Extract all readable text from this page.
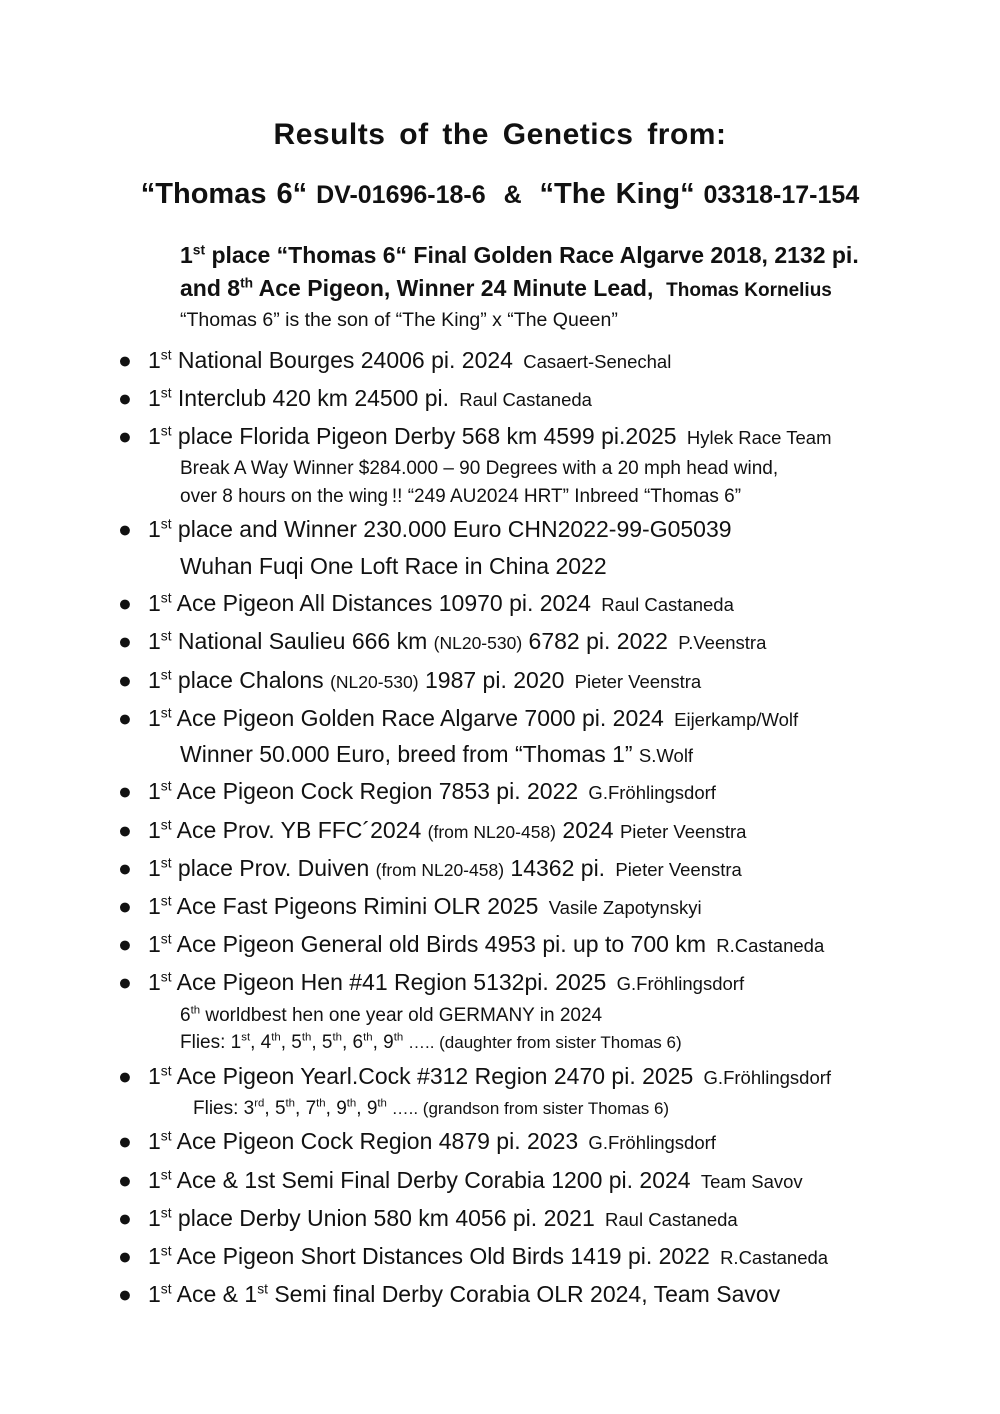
Results of the Genetics from:
“Thomas 6“ DV-01696-18-6 & “The King“ 03318-17-154
1st place “Thomas 6“ Final Golden Race Algarve 2018, 2132 pi.
and 8th Ace Pigeon, Winner 24 Minute Lead, Thomas Kornelius
“Thomas 6” is the son of “The King” x “The Queen”
● 1st National Bourges 24006 pi. 2024  Casaert-Senechal
● 1st Interclub 420 km 24500 pi.  Raul Castaneda
● 1st place Florida Pigeon Derby 568 km 4599 pi.2025  Hylek Race Team
Break A Way Winner $284.000 – 90 Degrees with a 20 mph head wind,
over 8 hours on the wing !! “249 AU2024 HRT” Inbreed “Thomas 6”
● 1st place and Winner 230.000 Euro CHN2022-99-G05039
Wuhan Fuqi One Loft Race in China 2022
● 1st Ace Pigeon All Distances 10970 pi. 2024  Raul Castaneda
● 1st National Saulieu 666 km (NL20-530) 6782 pi. 2022  P.Veenstra
● 1st place Chalons (NL20-530) 1987 pi. 2020  Pieter Veenstra
● 1st Ace Pigeon Golden Race Algarve 7000 pi. 2024  Eijerkamp/Wolf
Winner 50.000 Euro, breed from “Thomas 1” S.Wolf
● 1st Ace Pigeon Cock Region 7853 pi. 2022  G.Fröhlingsdorf
● 1st Ace Prov. YB FFC´2024 (from NL20-458) 2024 Pieter Veenstra
● 1st place Prov. Duiven (from NL20-458) 14362 pi.  Pieter Veenstra
● 1st Ace Fast Pigeons Rimini OLR 2025  Vasile Zapotynskyi
● 1st Ace Pigeon General old Birds 4953 pi. up to 700 km  R.Castaneda
● 1st Ace Pigeon Hen #41 Region 5132pi. 2025  G.Fröhlingsdorf
6th worldbest hen one year old GERMANY in 2024
Flies: 1st, 4th, 5th, 5th, 6th, 9th ….. (daughter from sister Thomas 6)
● 1st Ace Pigeon Yearl.Cock #312 Region 2470 pi. 2025  G.Fröhlingsdorf
Flies: 3rd, 5th, 7th, 9th, 9th ….. (grandson from sister Thomas 6)
● 1st Ace Pigeon Cock Region 4879 pi. 2023  G.Fröhlingsdorf
● 1st Ace & 1st Semi Final Derby Corabia 1200 pi. 2024  Team Savov
● 1st place Derby Union 580 km 4056 pi. 2021  Raul Castaneda
● 1st Ace Pigeon Short Distances Old Birds 1419 pi. 2022  R.Castaneda
● 1st Ace & 1st Semi final Derby Corabia OLR 2024, Team Savov
